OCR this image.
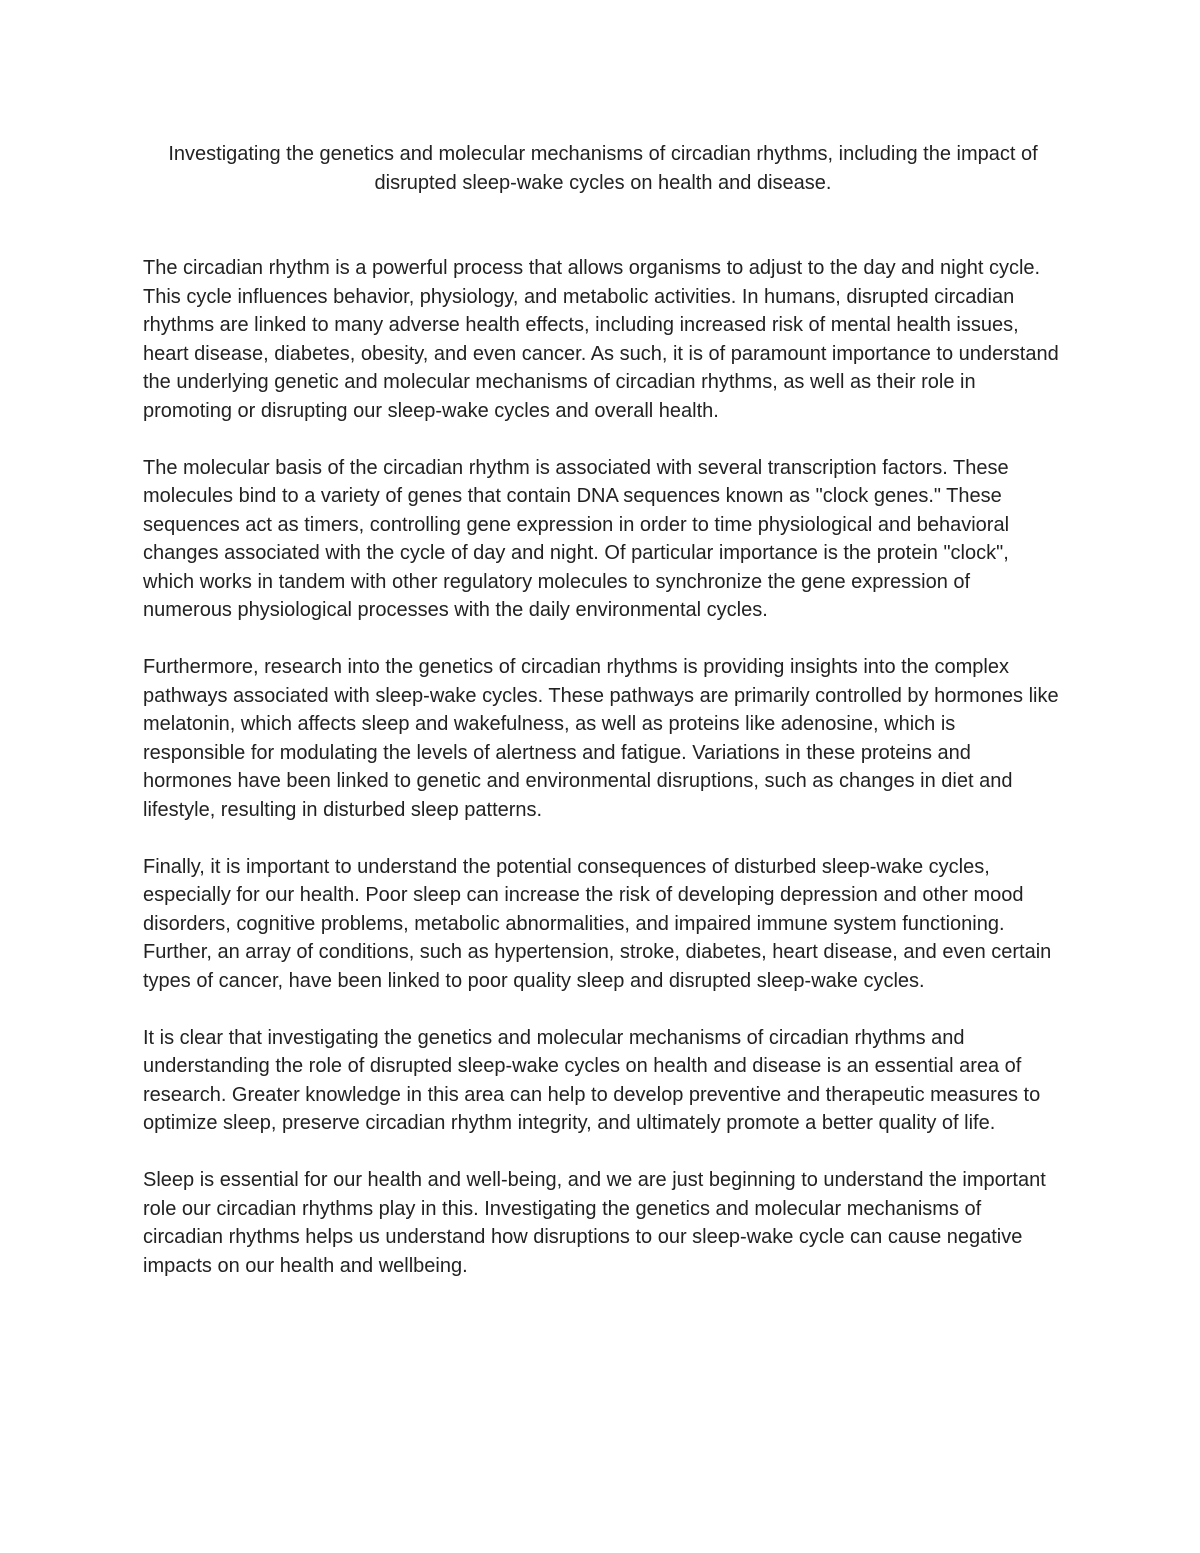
Investigating the genetics and molecular mechanisms of circadian rhythms, including the impact of disrupted sleep-wake cycles on health and disease.

The circadian rhythm is a powerful process that allows organisms to adjust to the day and night cycle. This cycle influences behavior, physiology, and metabolic activities. In humans, disrupted circadian rhythms are linked to many adverse health effects, including increased risk of mental health issues, heart disease, diabetes, obesity, and even cancer. As such, it is of paramount importance to understand the underlying genetic and molecular mechanisms of circadian rhythms, as well as their role in promoting or disrupting our sleep-wake cycles and overall health.

The molecular basis of the circadian rhythm is associated with several transcription factors. These molecules bind to a variety of genes that contain DNA sequences known as "clock genes." These sequences act as timers, controlling gene expression in order to time physiological and behavioral changes associated with the cycle of day and night. Of particular importance is the protein "clock", which works in tandem with other regulatory molecules to synchronize the gene expression of numerous physiological processes with the daily environmental cycles.

Furthermore, research into the genetics of circadian rhythms is providing insights into the complex pathways associated with sleep-wake cycles. These pathways are primarily controlled by hormones like melatonin, which affects sleep and wakefulness, as well as proteins like adenosine, which is responsible for modulating the levels of alertness and fatigue. Variations in these proteins and hormones have been linked to genetic and environmental disruptions, such as changes in diet and lifestyle, resulting in disturbed sleep patterns.

Finally, it is important to understand the potential consequences of disturbed sleep-wake cycles, especially for our health. Poor sleep can increase the risk of developing depression and other mood disorders, cognitive problems, metabolic abnormalities, and impaired immune system functioning. Further, an array of conditions, such as hypertension, stroke, diabetes, heart disease, and even certain types of cancer, have been linked to poor quality sleep and disrupted sleep-wake cycles.

It is clear that investigating the genetics and molecular mechanisms of circadian rhythms and understanding the role of disrupted sleep-wake cycles on health and disease is an essential area of research. Greater knowledge in this area can help to develop preventive and therapeutic measures to optimize sleep, preserve circadian rhythm integrity, and ultimately promote a better quality of life.

Sleep is essential for our health and well-being, and we are just beginning to understand the important role our circadian rhythms play in this. Investigating the genetics and molecular mechanisms of circadian rhythms helps us understand how disruptions to our sleep-wake cycle can cause negative impacts on our health and wellbeing.
